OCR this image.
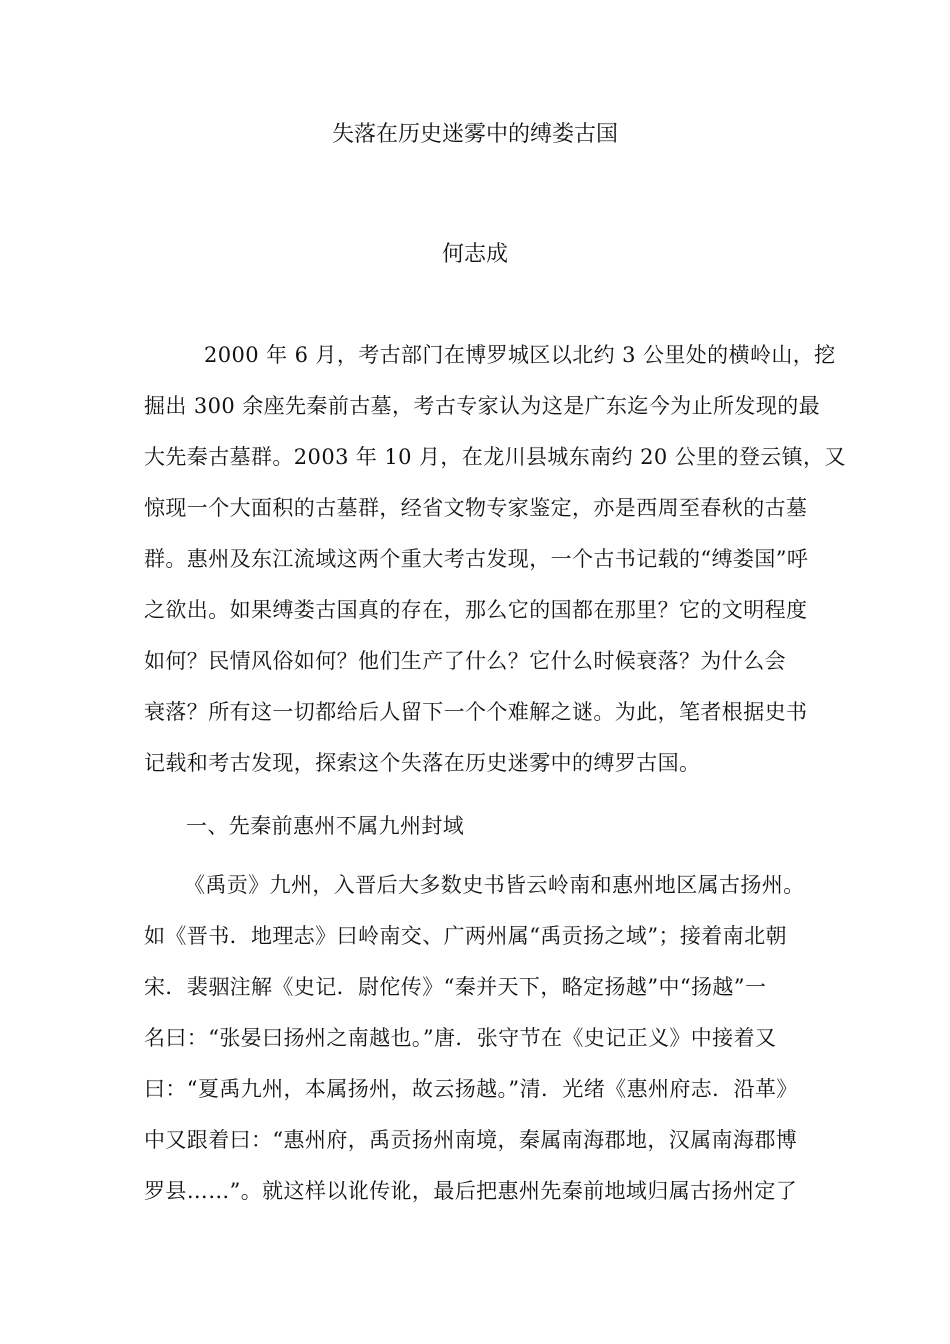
失落在历史迷雾中的缚娄古国
何志成
2000 年 6 月，考古部门在博罗城区以北约 3 公里处的横岭山，挖
掘出 300 余座先秦前古墓，考古专家认为这是广东迄今为止所发现的最
大先秦古墓群。2003 年 10 月，在龙川县城东南约 20 公里的登云镇，又
惊现一个大面积的古墓群，经省文物专家鉴定，亦是西周至春秋的古墓
群。惠州及东江流域这两个重大考古发现，一个古书记载的“缚娄国”呼
之欲出。如果缚娄古国真的存在，那么它的国都在那里？它的文明程度
如何？民情风俗如何？他们生产了什么？它什么时候衰落？为什么会
衰落？所有这一切都给后人留下一个个难解之谜。为此，笔者根据史书
记载和考古发现，探索这个失落在历史迷雾中的缚罗古国。
一、先秦前惠州不属九州封域
《禹贡》九州，入晋后大多数史书皆云岭南和惠州地区属古扬州。
如《晋书．地理志》曰岭南交、广两州属“禹贡扬之域”；接着南北朝
宋．裴骃注解《史记．尉佗传》“秦并天下，略定扬越”中“扬越”一
名曰：“张晏曰扬州之南越也。”唐．张守节在《史记正义》中接着又
曰：“夏禹九州，本属扬州，故云扬越。”清．光绪《惠州府志．沿革》
中又跟着曰：“惠州府，禹贡扬州南境，秦属南海郡地，汉属南海郡博
罗县……”。就这样以讹传讹，最后把惠州先秦前地域归属古扬州定了
